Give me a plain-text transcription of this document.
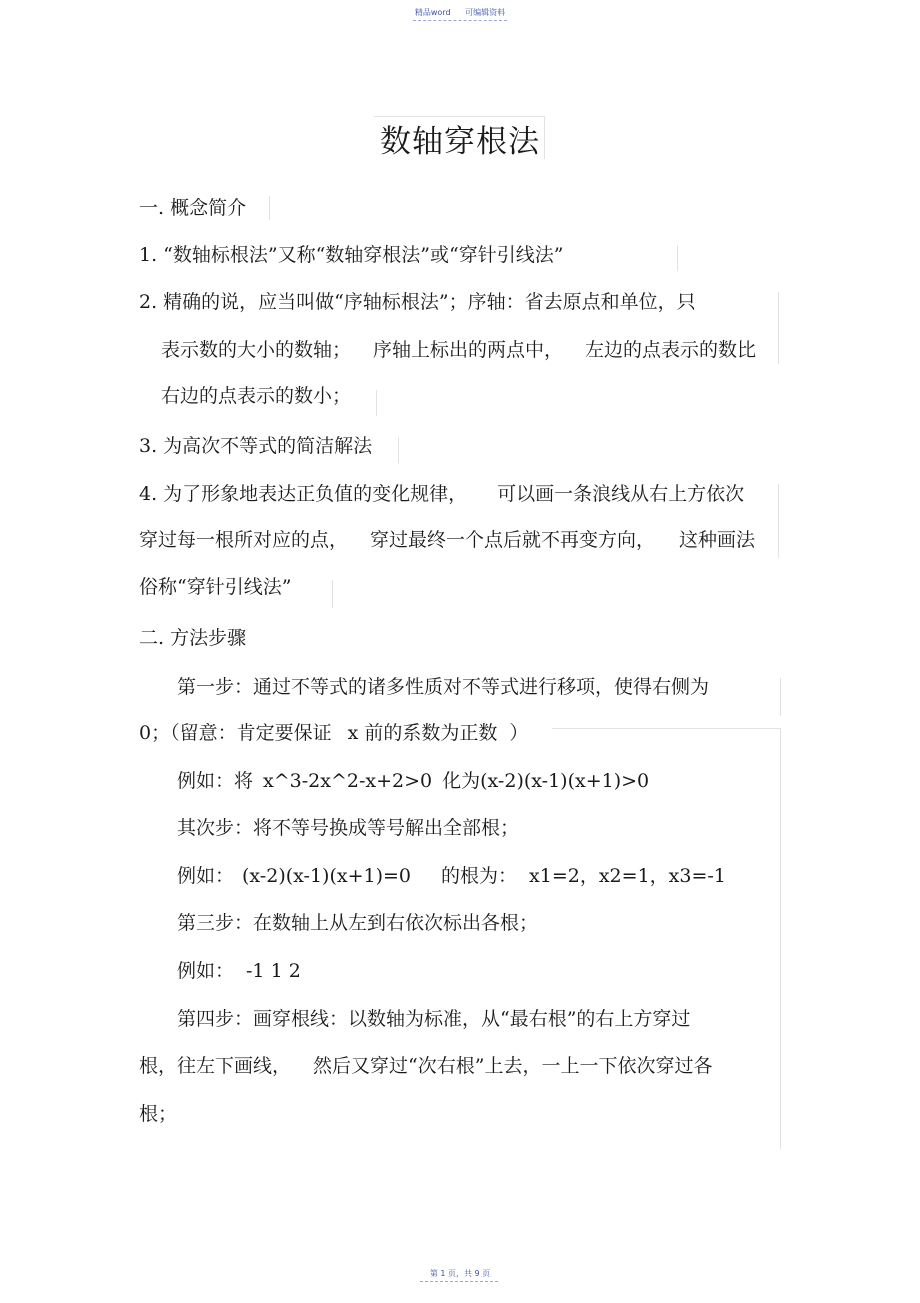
精品word 可编辑资料
数轴穿根法
一. 概念简介
1. “数轴标根法”又称“数轴穿根法”或“穿针引线法”
2. 精确的说，应当叫做“序轴标根法”；序轴：省去原点和单位，只
表示数的大小的数轴； 序轴上标出的两点中， 左边的点表示的数比
右边的点表示的数小；
3. 为高次不等式的简洁解法
4. 为了形象地表达正负值的变化规律， 可以画一条浪线从右上方依次
穿过每一根所对应的点， 穿过最终一个点后就不再变方向， 这种画法
俗称“穿针引线法”
二. 方法步骤
第一步：通过不等式的诸多性质对不等式进行移项，使得右侧为
0；（留意：肯定要保证 x 前的系数为正数 ）
例如：将 x^3-2x^2-x+2>0 化为(x-2)(x-1)(x+1)>0
其次步：将不等号换成等号解出全部根；
例如： (x-2)(x-1)(x+1)=0 的根为： x1=2，x2=1，x3=-1
第三步：在数轴上从左到右依次标出各根；
例如： -1 1 2
第四步：画穿根线：以数轴为标准，从“最右根”的右上方穿过
根，往左下画线， 然后又穿过“次右根”上去，一上一下依次穿过各
根；
第 1 页，共 9 页
